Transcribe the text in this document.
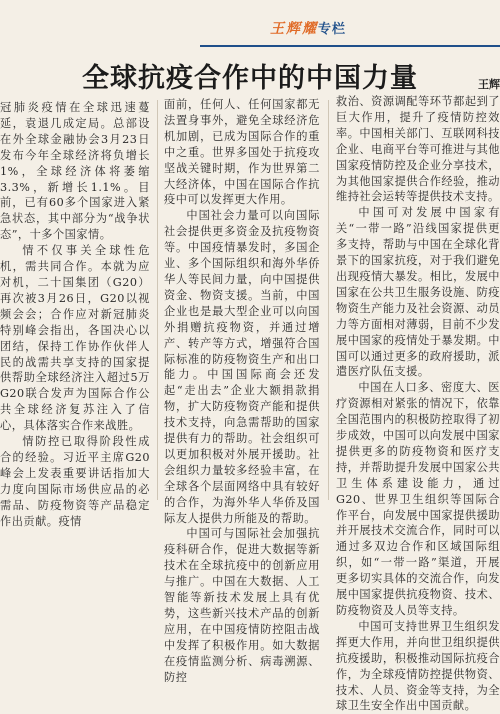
王辉耀专栏
全球抗疫合作中的中国力量	王辉

冠肺炎疫情在全球迅速蔓延，袁退几成定局。总部设在外全球金融协会3月23日发布今年全球经济将负增长1%，全球经济体将萎缩3.3%，新增长1.1%。目前，已有60多个国家进入紧急状态，其中部分为“战争状态”，十多个国家情。

情不仅事关全球性危机，需共同合作。本就为应对机，二十国集团（G20）再次被3月26日，G20以视频会会；合作应对新冠肺炎特别峰会指出，各国决心以团结，保持工作协作伙伴人民的战需共享支持的国家提供帮助全球经济注入超过5万G20联合发声为国际合作公共全球经济复苏注入了信心，具体落实合作来战胜。

情防控已取得阶段性成合的经验。习近平主席G20峰会上发表重要讲话指加大力度向国际市场供应品的必需品、防疫物资等产品稳定作出贡献。疫情

面前，任何人、任何国家都无法置身事外，避免全球经济危机加剧，已成为国际合作的重中之重。世界多国处于抗疫攻坚战关键时期，作为世界第二大经济体，中国在国际合作抗疫中可以发挥更大作用。

中国社会力量可以向国际社会提供更多资金及抗疫物资等。中国疫情暴发时，多国企业、多个国际组织和海外华侨华人等民间力量，向中国提供资金、物资支援。当前，中国企业也是最大型企业可以向国外捐赠抗疫物资，并通过增产、转产等方式，增强符合国际标准的防疫物资生产和出口能力。中国国际商会还发起“走出去”企业大额捐款捐物，扩大防疫物资产能和提供技术支持，向急需帮助的国家提供有力的帮助。社会组织可以更加积极对外展开援助。社会组织力量较多经验丰富，在全球各个层面网络中具有较好的合作，为海外华人华侨及国际友人提供力所能及的帮助。

中国可与国际社会加强抗疫科研合作，促进大数据等新技术在全球抗疫中的创新应用与推广。中国在大数据、人工智能等新技术发展上具有优势，这些新兴技术产品的创新应用，在中国疫情防控阻击战中发挥了积极作用。如大数据在疫情监测分析、病毒溯源、防控

救治、资源调配等环节都起到了巨大作用，提升了疫情防控效率。中国相关部门、互联网科技企业、电商平台等可推进与其他国家疫情防控及企业分享技术，为其他国家提供合作经验，推动维持社会运转等提供技术支持。

中国可对发展中国家有关“一带一路”沿线国家提供更多支持，帮助与中国在全球化背景下的国家抗疫，对于我们避免出现疫情大暴发。相比，发展中国家在公共卫生服务设施、防疫物资生产能力及社会资源、动员力等方面相对薄弱，目前不少发展中国家的疫情处于暴发期。中国可以通过更多的政府援助，派遣医疗队伍支援。

中国在人口多、密度大、医疗资源相对紧张的情况下，依靠全国范围内的积极防控取得了初步成效，中国可以向发展中国家提供更多的防疫物资和医疗支持，并帮助提升发展中国家公共卫生体系建设能力，通过G20、世界卫生组织等国际合作平台，向发展中国家提供援助并开展技术交流合作，同时可以通过多双边合作和区域国际组织，如“一带一路”渠道，开展更多切实具体的交流合作，向发展中国家提供抗疫物资、技术、防疫物资及人员等支持。

中国可支持世界卫生组织发挥更大作用，并向世卫组织提供抗疫援助，积极推动国际抗疫合作，为全球疫情防控提供物资、技术、人员、资金等支持，为全球卫生安全作出中国贡献。
